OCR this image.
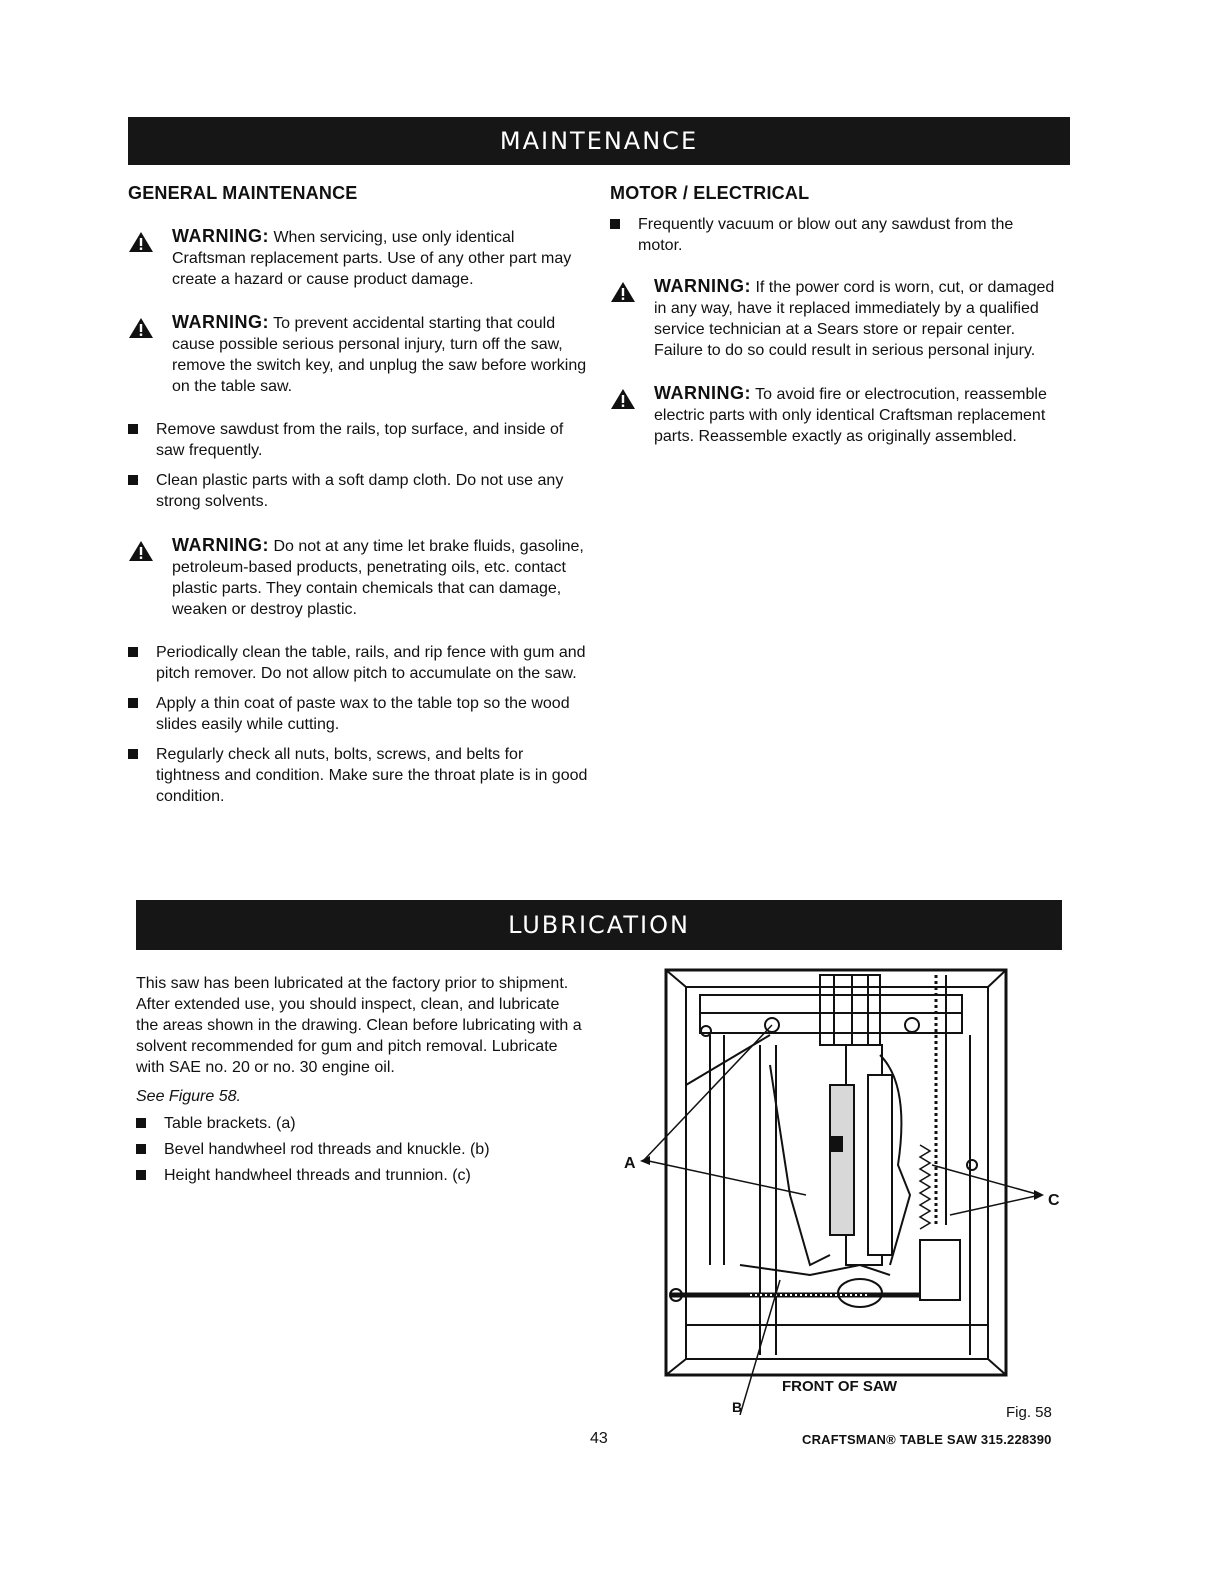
MAINTENANCE
GENERAL MAINTENANCE
WARNING: When servicing, use only identical Craftsman replacement parts. Use of any other part may create a hazard or cause product damage.
WARNING: To prevent accidental starting that could cause possible serious personal injury, turn off the saw, remove the switch key, and unplug the saw before working on the table saw.
Remove sawdust from the rails, top surface, and inside of saw frequently.
Clean plastic parts with a soft damp cloth. Do not use any strong solvents.
WARNING: Do not at any time let brake fluids, gasoline, petroleum-based products, penetrating oils, etc. contact plastic parts. They contain chemicals that can damage, weaken or destroy plastic.
Periodically clean the table, rails, and rip fence with gum and pitch remover. Do not allow pitch to accumulate on the saw.
Apply a thin coat of paste wax to the table top so the wood slides easily while cutting.
Regularly check all nuts, bolts, screws, and belts for tightness and condition. Make sure the throat plate is in good condition.
MOTOR / ELECTRICAL
Frequently vacuum or blow out any sawdust from the motor.
WARNING: If the power cord is worn, cut, or damaged in any way, have it replaced immediately by a qualified service technician at a Sears store or repair center. Failure to do so could result in serious personal injury.
WARNING: To avoid fire or electrocution, reassemble electric parts with only identical Craftsman replacement parts. Reassemble exactly as originally assembled.
LUBRICATION

This saw has been lubricated at the factory prior to shipment. After extended use, you should inspect, clean, and lubricate the areas shown in the drawing. Clean before lubricating with a solvent recommended for gum and pitch removal. Lubricate with SAE no. 20 or no. 30 engine oil.

See Figure 58.

Table brackets. (a)
Bevel handwheel rod threads and knuckle. (b)
Height handwheel threads and trunnion. (c)
A
C
B
FRONT OF SAW
Fig. 58
43	CRAFTSMAN® TABLE SAW 315.228390
